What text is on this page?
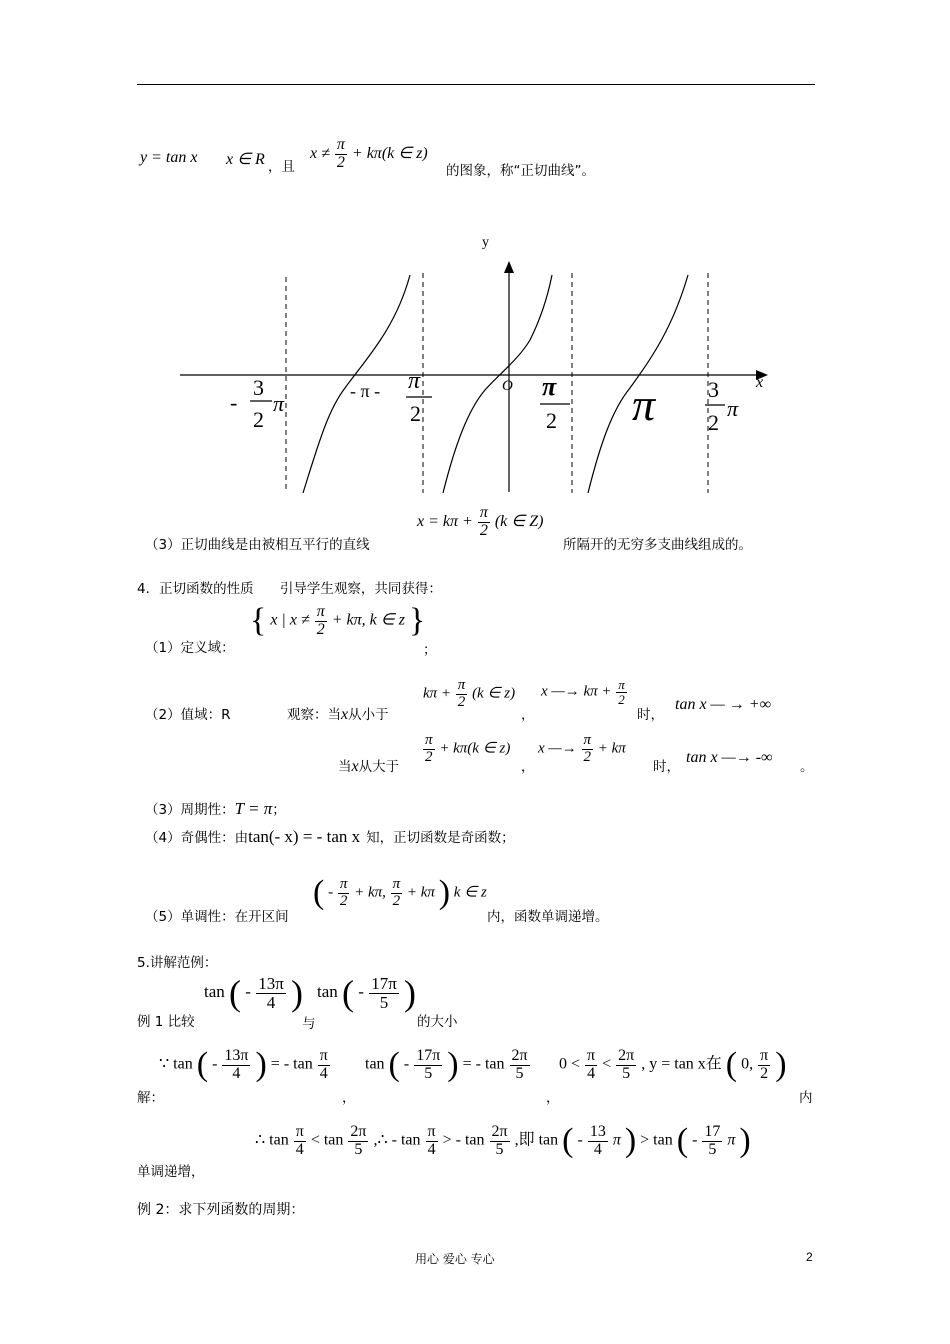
y = tan x x ∈ R ，且
$x \ne \frac{\pi}{2} + k\pi(k$ ∈ z)
的图象，称“正切曲线”。
y
x
O
-
3
2
π	- π - π
2
π
2 π 3
2
π
$x = k\pi + \frac{\pi}{2} (k$ ∈ Z)
（3）正切曲线是由被相互平行的直线	所隔开的无穷多支曲线组成的。
4．正切函数的性质 引导学生观察，共同获得：
（1）定义域：
{ x | $x \ne \frac{\pi}{2} + k\pi$, k ∈ z }
；
（2）值域：R	观察：当x从小于
$k\pi + \frac{\pi}{2} (k$ ∈ z)
，
x —→ $k\pi + \frac{\pi}{2}$
时，
tan x — → +∞
当x从大于
$\frac{\pi}{2} + k\pi(k$ ∈ z)
，
x —→ $\frac{\pi}{2} + k\pi$
时，
tan x —→ -∞
。
（3）周期性：T = π；
（4）奇偶性：由tan(- x) = - tan x 知，正切函数是奇函数；
（5）单调性：在开区间
( - $\frac{\pi}{2} + k\pi$, $\frac{\pi}{2} + k\pi$ ) k ∈ z
内，函数单调递增。
5.讲解范例：
例 1 比较
tan ( - $\frac{13\pi}{4}$ )
与
tan ( - $\frac{17\pi}{5}$ )
的大小
解：
∵ tan ( - $\frac{13\pi}{4}$ ) = - $\tan \frac{\pi}{4}$
，
tan ( - $\frac{17\pi}{5}$ ) = - $\tan \frac{2\pi}{5}$
，
$0 < \frac{\pi}{4} < \frac{2\pi}{5}$ , y = tan x在 ( 0, $\frac{\pi}{2}$ )
内
单调递增，
∴ $\tan \frac{\pi}{4} < \tan \frac{2\pi}{5}$ ,∴ - $\tan \frac{\pi}{4}$ > - $\tan \frac{2\pi}{5}$ ,即 tan ( - $\frac{13}{4}$ π ) > tan ( - $\frac{17}{5}$ π )
例 2：求下列函数的周期：
用心 爱心 专心	2
